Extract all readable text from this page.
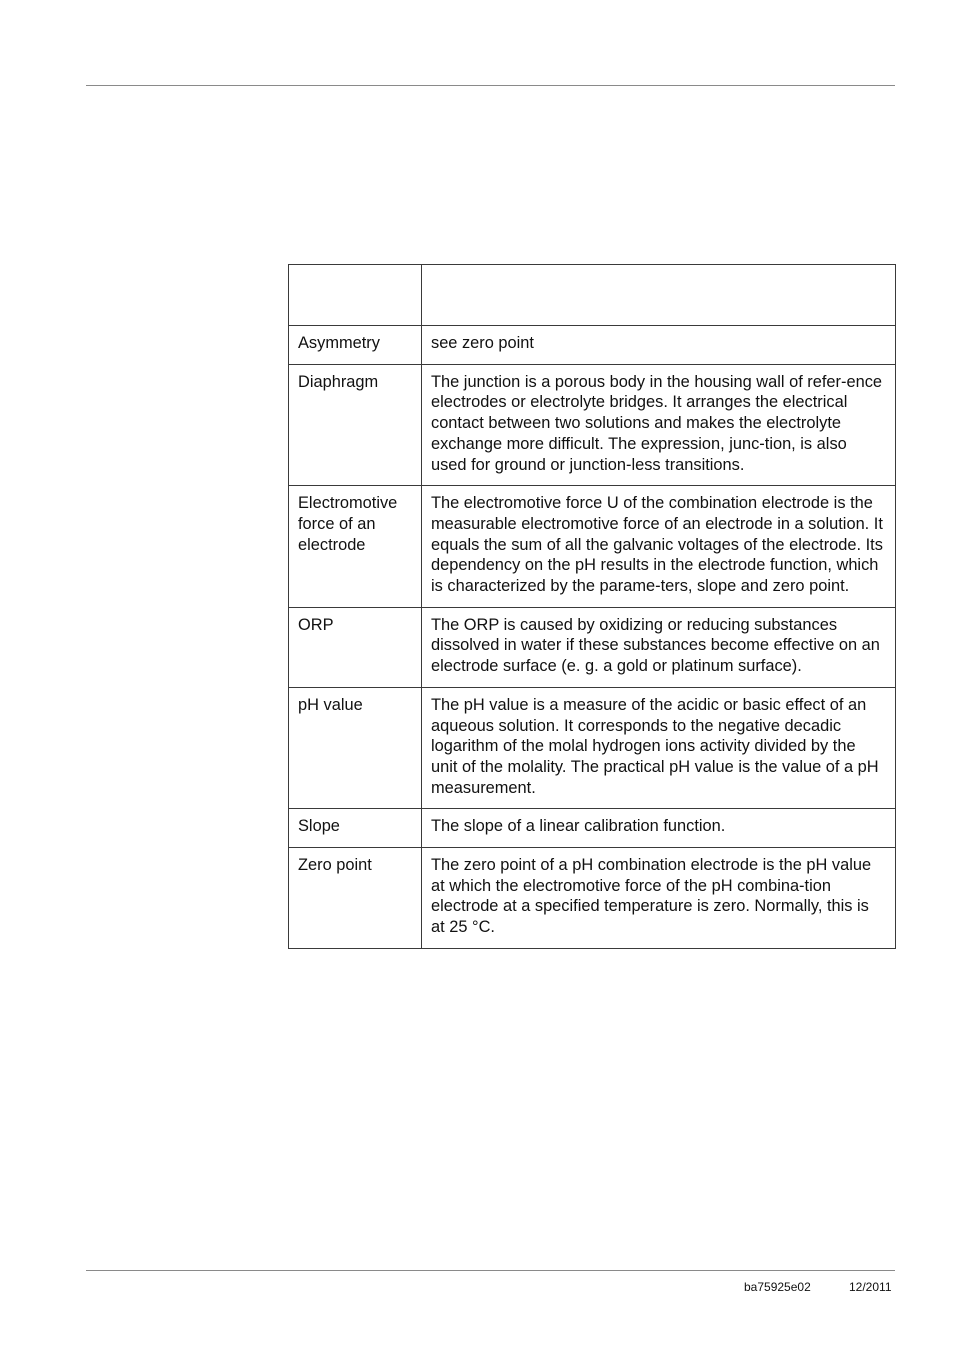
Asymmetry	see zero point
Diaphragm	The junction is a porous body in the housing wall of refer-ence electrodes or electrolyte bridges. It arranges the electrical contact between two solutions and makes the electrolyte exchange more difficult. The expression, junc-tion, is also used for ground or junction-less transitions.
Electromotive force of an electrode	The electromotive force U of the combination electrode is the measurable electromotive force of an electrode in a solution. It equals the sum of all the galvanic voltages of the electrode. Its dependency on the pH results in the electrode function, which is characterized by the parame-ters, slope and zero point.
ORP	The ORP is caused by oxidizing or reducing substances dissolved in water if these substances become effective on an electrode surface (e. g. a gold or platinum surface).
pH value	The pH value is a measure of the acidic or basic effect of an aqueous solution. It corresponds to the negative decadic logarithm of the molal hydrogen ions activity divided by the unit of the molality. The practical pH value is the value of a pH measurement.
Slope	The slope of a linear calibration function.
Zero point	The zero point of a pH combination electrode is the pH value at which the electromotive force of the pH combina-tion electrode at a specified temperature is zero. Normally, this is at 25 °C.
ba75925e02	12/2011
